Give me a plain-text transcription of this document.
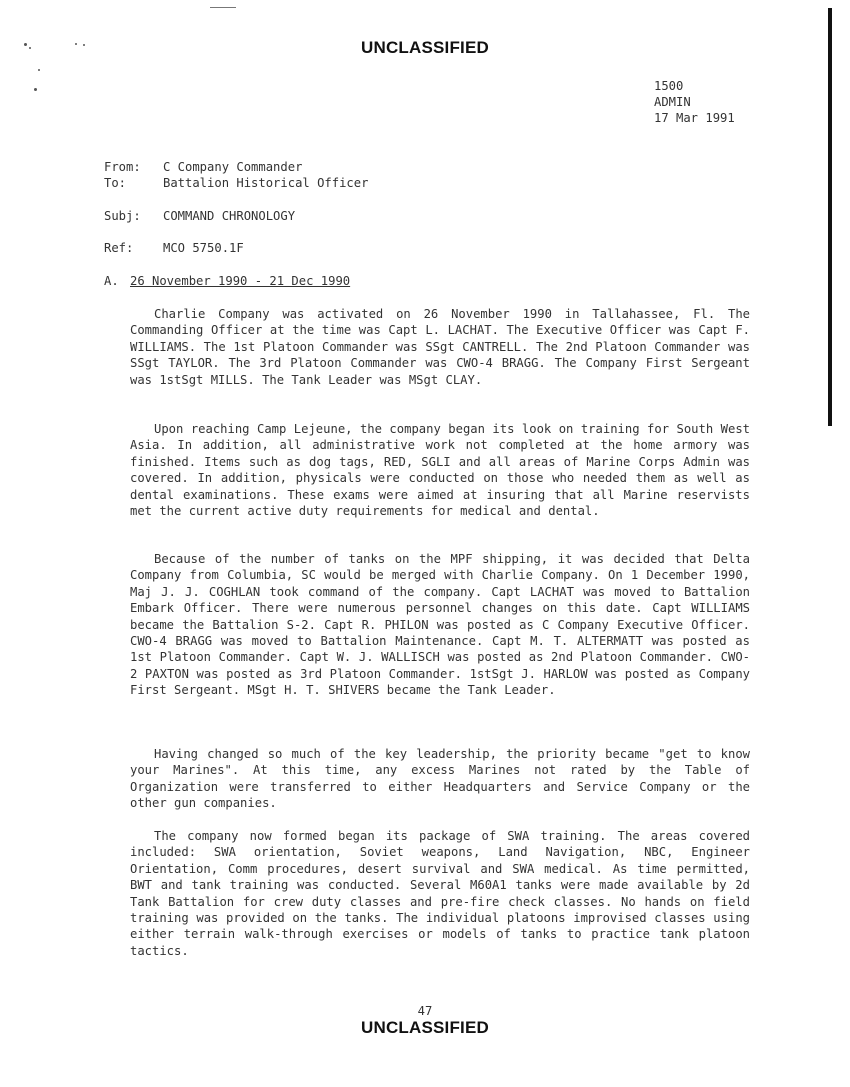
UNCLASSIFIED
1500
ADMIN
17 Mar 1991
From: C Company Commander
To:	Battalion Historical Officer
Subj: COMMAND CHRONOLOGY
Ref: MCO 5750.1F
A. 26 November 1990 - 21 Dec 1990

Charlie Company was activated on 26 November 1990 in Tallahassee, Fl. The Commanding Officer at the time was Capt L. LACHAT. The Executive Officer was Capt F. WILLIAMS. The 1st Platoon Commander was SSgt CANTRELL. The 2nd Platoon Commander was SSgt TAYLOR. The 3rd Platoon Commander was CWO-4 BRAGG. The Company First Sergeant was 1stSgt MILLS. The Tank Leader was MSgt CLAY.

Upon reaching Camp Lejeune, the company began its look on training for South West Asia. In addition, all administrative work not completed at the home armory was finished. Items such as dog tags, RED, SGLI and all areas of Marine Corps Admin was covered. In addition, physicals were conducted on those who needed them as well as dental examinations. These exams were aimed at insuring that all Marine reservists met the current active duty requirements for medical and dental.

Because of the number of tanks on the MPF shipping, it was decided that Delta Company from Columbia, SC would be merged with Charlie Company. On 1 December 1990, Maj J. J. COGHLAN took command of the company. Capt LACHAT was moved to Battalion Embark Officer. There were numerous personnel changes on this date. Capt WILLIAMS became the Battalion S-2. Capt R. PHILON was posted as C Company Executive Officer. CWO-4 BRAGG was moved to Battalion Maintenance. Capt M. T. ALTERMATT was posted as 1st Platoon Commander. Capt W. J. WALLISCH was posted as 2nd Platoon Commander. CWO-2 PAXTON was posted as 3rd Platoon Commander. 1stSgt J. HARLOW was posted as Company First Sergeant. MSgt H. T. SHIVERS became the Tank Leader.

Having changed so much of the key leadership, the priority became "get to know your Marines". At this time, any excess Marines not rated by the Table of Organization were transferred to either Headquarters and Service Company or the other gun companies.

The company now formed began its package of SWA training. The areas covered included: SWA orientation, Soviet weapons, Land Navigation, NBC, Engineer Orientation, Comm procedures, desert survival and SWA medical. As time permitted, BWT and tank training was conducted. Several M60A1 tanks were made available by 2d Tank Battalion for crew duty classes and pre-fire check classes. No hands on field training was provided on the tanks. The individual platoons improvised classes using either terrain walk-through exercises or models of tanks to practice tank platoon tactics.

47
UNCLASSIFIED
